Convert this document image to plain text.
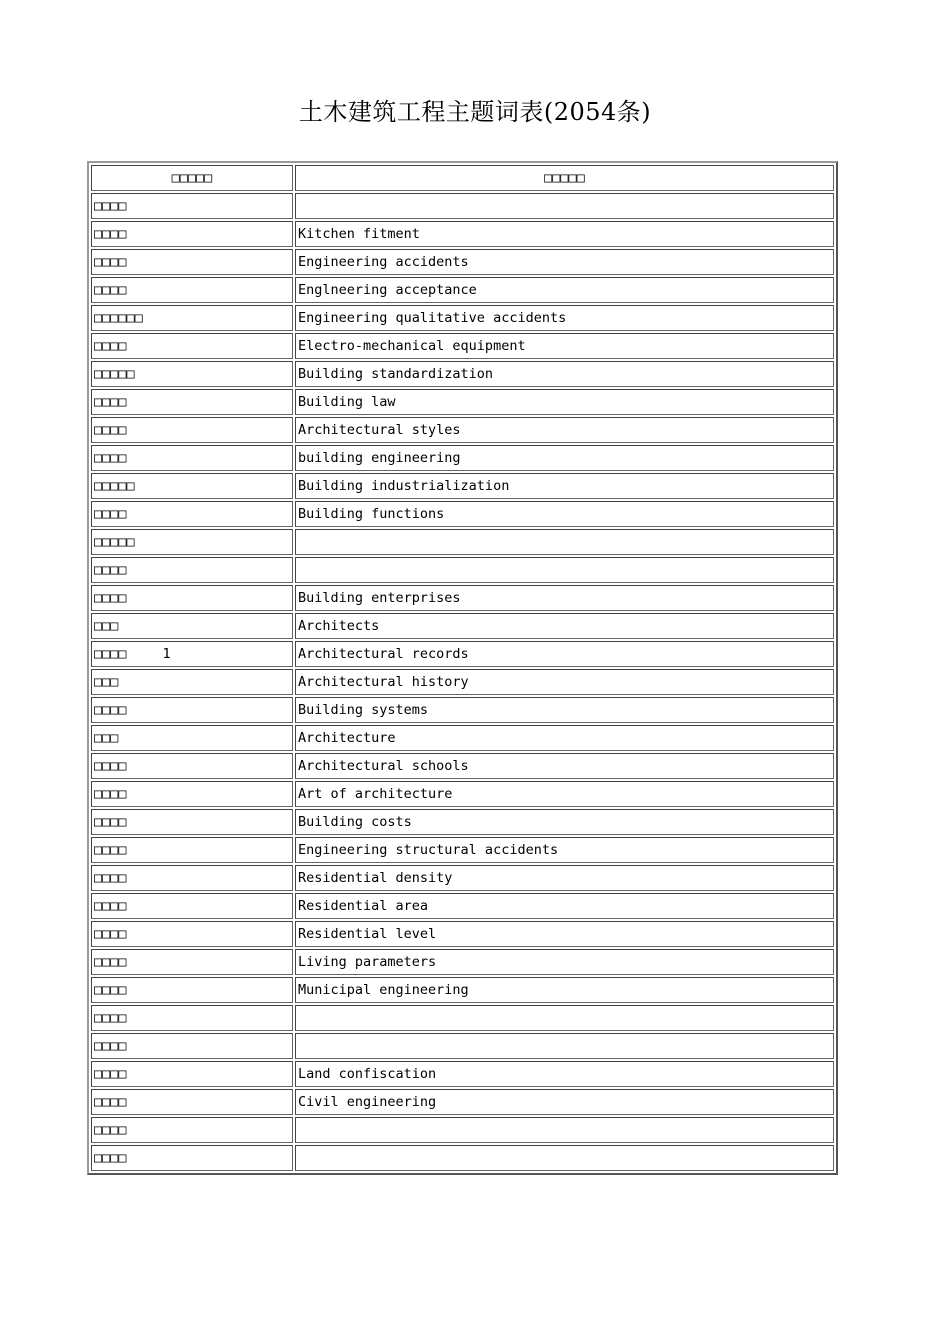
土木建筑工程主题词表(2054条)
□□□□□	□□□□□
□□□□	
□□□□	Kitchen fitment
□□□□	Engineering accidents
□□□□	Englneering acceptance
□□□□□□	Engineering qualitative accidents
□□□□	Electro-mechanical equipment
□□□□□	Building standardization
□□□□	Building law
□□□□	Architectural styles
□□□□	building engineering
□□□□□	Building industrialization
□□□□	Building functions
□□□□□	
□□□□	
□□□□	Building enterprises
□□□	Architects
□□□□ 1	Architectural records
□□□	Architectural history
□□□□	Building systems
□□□	Architecture
□□□□	Architectural schools
□□□□	Art of architecture
□□□□	Building costs
□□□□	Engineering structural accidents
□□□□	Residential density
□□□□	Residential area
□□□□	Residential level
□□□□	Living parameters
□□□□	Municipal engineering
□□□□	
□□□□	
□□□□	Land confiscation
□□□□	Civil engineering
□□□□	
□□□□	
